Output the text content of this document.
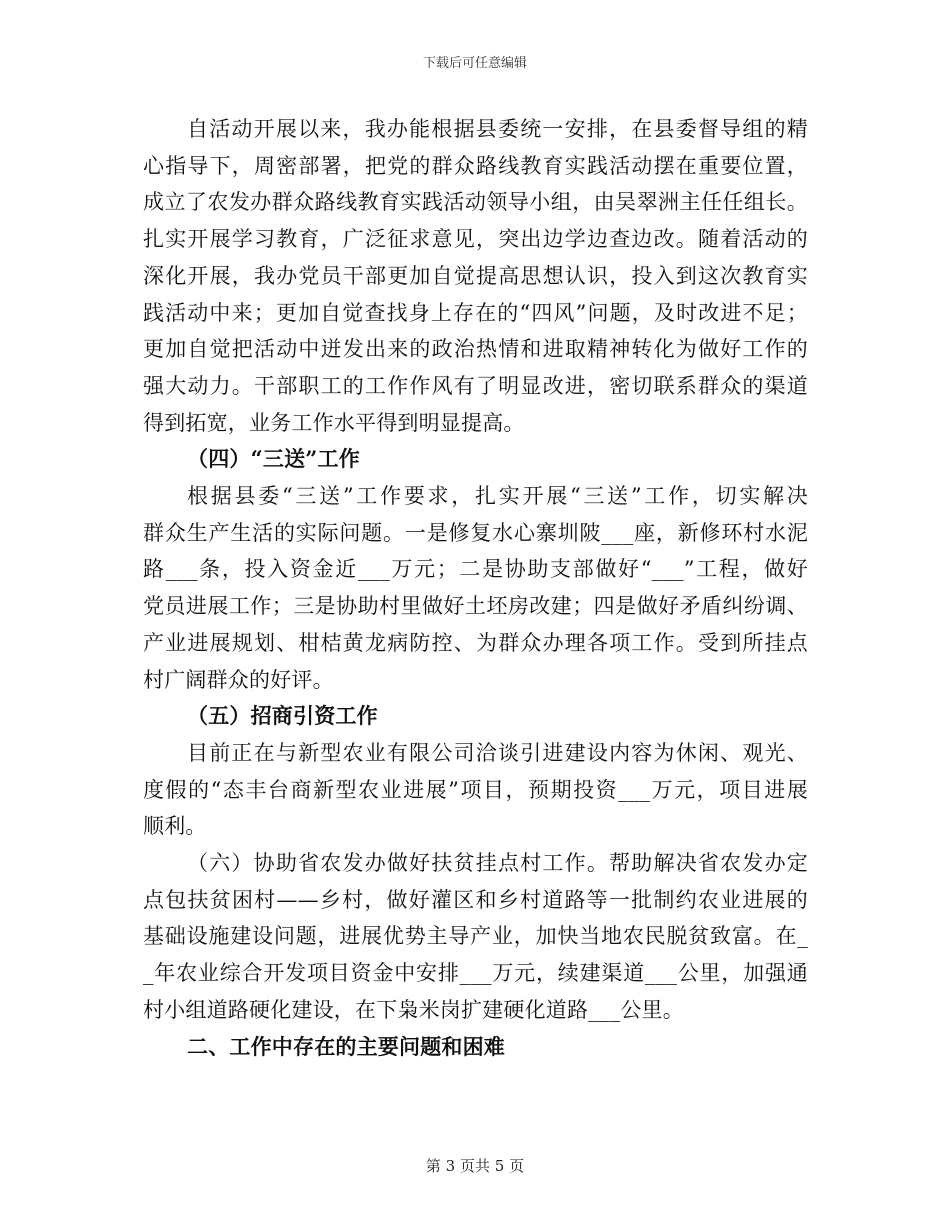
下载后可任意编辑
自活动开展以来，我办能根据县委统一安排，在县委督导组的精
心指导下，周密部署，把党的群众路线教育实践活动摆在重要位置，
成立了农发办群众路线教育实践活动领导小组，由吴翠洲主任任组长。
扎实开展学习教育，广泛征求意见，突出边学边查边改。随着活动的
深化开展，我办党员干部更加自觉提高思想认识，投入到这次教育实
践活动中来；更加自觉查找身上存在的“四风”问题，及时改进不足；
更加自觉把活动中迸发出来的政治热情和进取精神转化为做好工作的
强大动力。干部职工的工作作风有了明显改进，密切联系群众的渠道
得到拓宽，业务工作水平得到明显提高。
（四）“三送”工作
根据县委“三送”工作要求，扎实开展“三送”工作，切实解决
群众生产生活的实际问题。一是修复水心寨圳陂___座，新修环村水泥
路___条，投入资金近___万元；二是协助支部做好“___”工程，做好
党员进展工作；三是协助村里做好土坯房改建；四是做好矛盾纠纷调、
产业进展规划、柑桔黄龙病防控、为群众办理各项工作。受到所挂点
村广阔群众的好评。
（五）招商引资工作
目前正在与新型农业有限公司洽谈引进建设内容为休闲、观光、
度假的“态丰台商新型农业进展”项目，预期投资___万元，项目进展
顺利。
（六）协助省农发办做好扶贫挂点村工作。帮助解决省农发办定
点包扶贫困村——乡村，做好灌区和乡村道路等一批制约农业进展的
基础设施建设问题，进展优势主导产业，加快当地农民脱贫致富。在_
_年农业综合开发项目资金中安排___万元，续建渠道___公里，加强通
村小组道路硬化建设，在下枭米岗扩建硬化道路___公里。
二、工作中存在的主要问题和困难
第 3 页共 5 页
